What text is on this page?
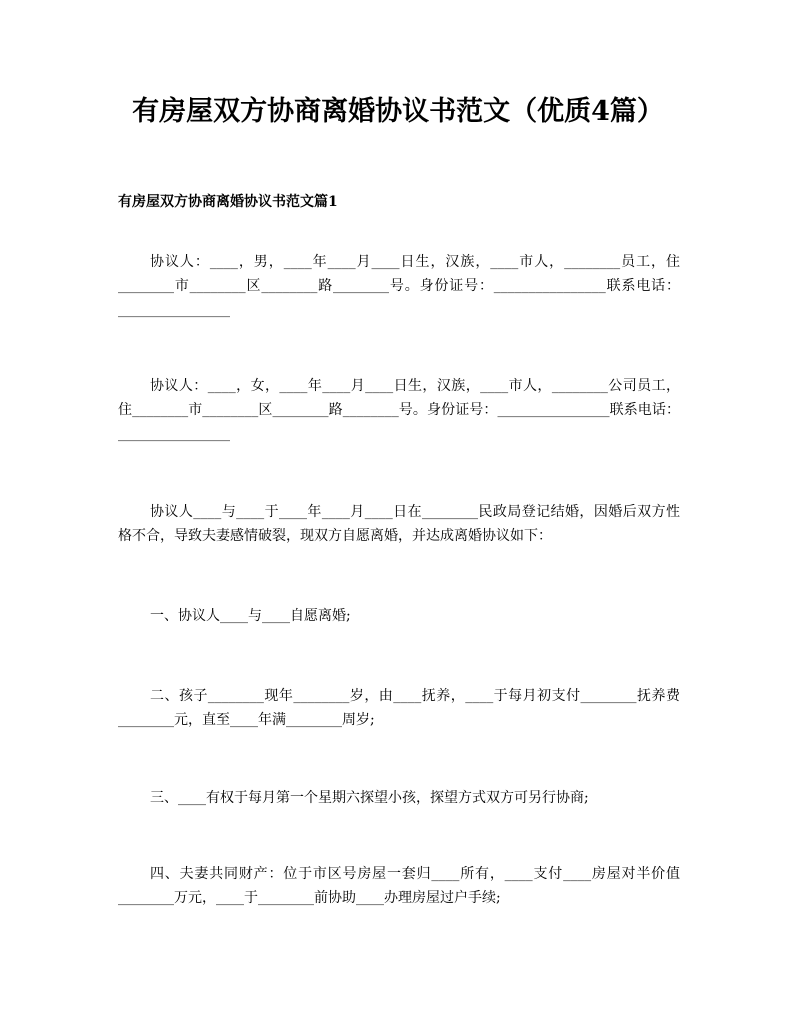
有房屋双方协商离婚协议书范文（优质4篇）
有房屋双方协商离婚协议书范文篇1

协议人：____，男，____年____月____日生，汉族，____市人，________员工，住________市________区________路________号。身份证号：________________联系电话：________________

协议人：____，女，____年____月____日生，汉族，____市人，________公司员工，住________市________区________路________号。身份证号：________________联系电话：________________

协议人____与____于____年____月____日在________民政局登记结婚，因婚后双方性格不合，导致夫妻感情破裂，现双方自愿离婚，并达成离婚协议如下：

一、协议人____与____自愿离婚;

二、孩子________现年________岁，由____抚养，____于每月初支付________抚养费________元，直至____年满________周岁;

三、____有权于每月第一个星期六探望小孩，探望方式双方可另行协商;

四、夫妻共同财产：位于市区号房屋一套归____所有，____支付____房屋对半价值________万元，____于________前协助____办理房屋过户手续;
